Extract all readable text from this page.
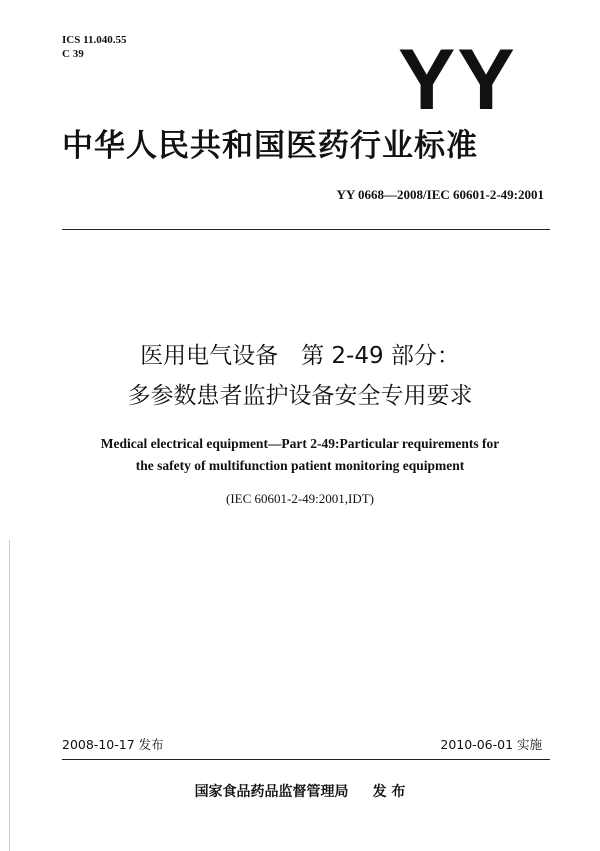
ICS 11.040.55
C 39	YY
中华人民共和国医药行业标准
YY 0668—2008/IEC 60601-2-49:2001
医用电气设备　第 2-49 部分：
多参数患者监护设备安全专用要求
Medical electrical equipment—Part 2-49:Particular requirements for
the safety of multifunction patient monitoring equipment
(IEC 60601-2-49:2001,IDT)
2008-10-17 发布	2010-06-01 实施
国家食品药品监督管理局 发 布
